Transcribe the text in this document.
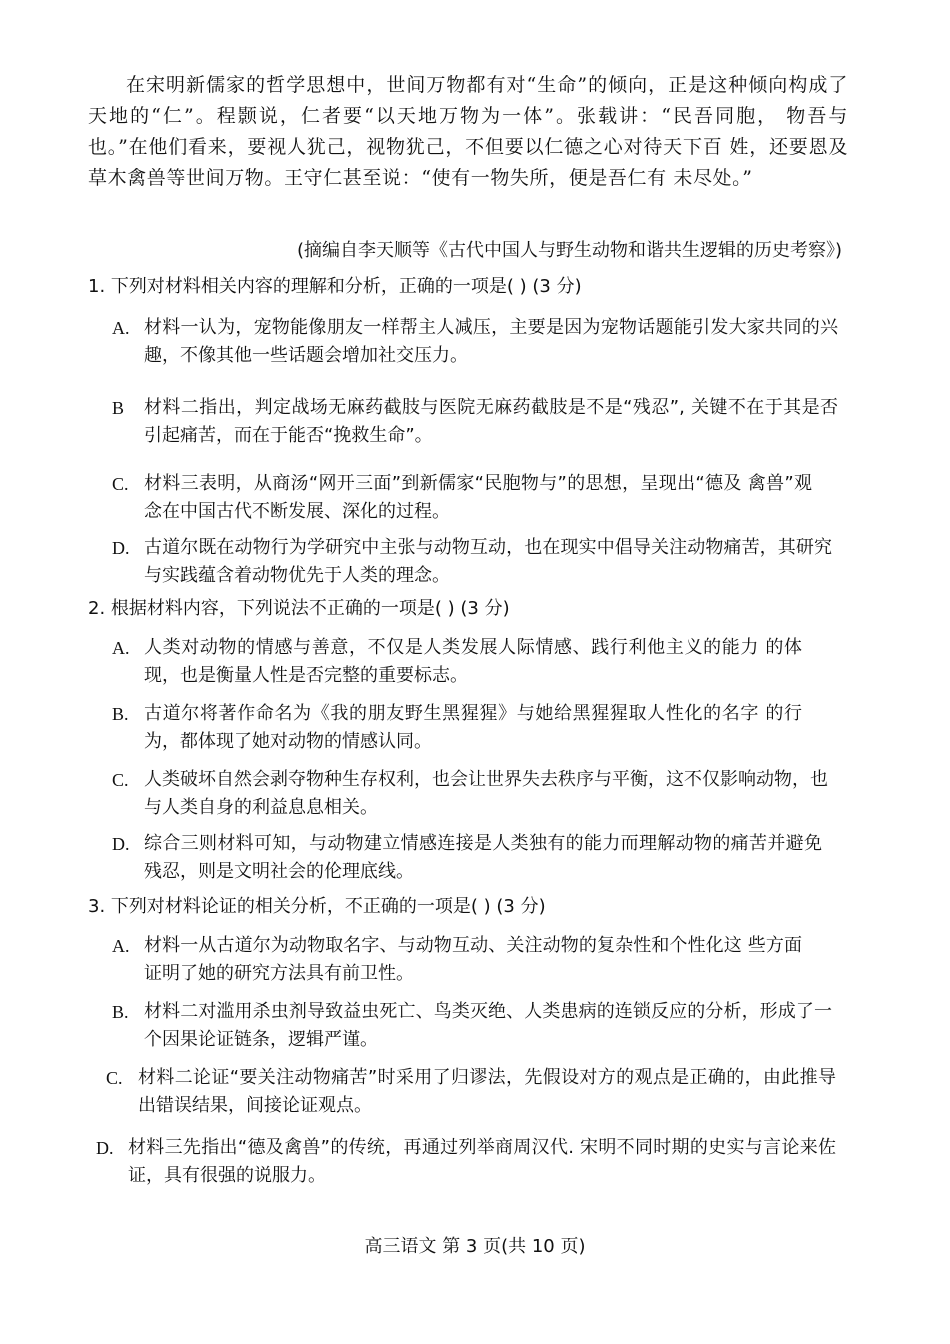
在宋明新儒家的哲学思想中，世间万物都有对“生命”的倾向，正是这种倾向构成了天地的“仁”。程颢说，仁者要“以天地万物为一体”。张载讲：“民吾同胞， 物吾与也。”在他们看来，要视人犹己，视物犹己，不但要以仁德之心对待天下百 姓，还要恩及草木禽兽等世间万物。王守仁甚至说：“使有一物失所，便是吾仁有 未尽处。”
(摘编自李天顺等《古代中国人与野生动物和谐共生逻辑的历史考察》)
1. 下列对材料相关内容的理解和分析，正确的一项是( ) (3 分)
A. 材料一认为，宠物能像朋友一样帮主人减压，主要是因为宠物话题能引发大家共同的兴趣，不像其他一些话题会增加社交压力。
B	材料二指出，判定战场无麻药截肢与医院无麻药截肢是不是“残忍”, 关键不在于其是否引起痛苦，而在于能否“挽救生命”。
C. 材料三表明，从商汤“网开三面”到新儒家“民胞物与”的思想，呈现出“德及 禽兽”观念在中国古代不断发展、深化的过程。
D. 古道尔既在动物行为学研究中主张与动物互动，也在现实中倡导关注动物痛苦，其研究与实践蕴含着动物优先于人类的理念。
2. 根据材料内容，下列说法不正确的一项是( ) (3 分)
A. 人类对动物的情感与善意，不仅是人类发展人际情感、践行利他主义的能力 的体现，也是衡量人性是否完整的重要标志。
B. 古道尔将著作命名为《我的朋友野生黑猩猩》与她给黑猩猩取人性化的名字 的行为，都体现了她对动物的情感认同。
C. 人类破坏自然会剥夺物种生存权利，也会让世界失去秩序与平衡，这不仅影响动物，也与人类自身的利益息息相关。
D. 综合三则材料可知，与动物建立情感连接是人类独有的能力而理解动物的痛苦并避免残忍，则是文明社会的伦理底线。
3. 下列对材料论证的相关分析，不正确的一项是( ) (3 分)
A. 材料一从古道尔为动物取名字、与动物互动、关注动物的复杂性和个性化这 些方面证明了她的研究方法具有前卫性。
B. 材料二对滥用杀虫剂导致益虫死亡、鸟类灭绝、人类患病的连锁反应的分析，形成了一个因果论证链条，逻辑严谨。
C. 材料二论证“要关注动物痛苦”时采用了归谬法，先假设对方的观点是正确的，由此推导出错误结果，间接论证观点。
D. 材料三先指出“德及禽兽”的传统，再通过列举商周汉代. 宋明不同时期的史实与言论来佐证，具有很强的说服力。
高三语文 第 3 页(共 10 页)
